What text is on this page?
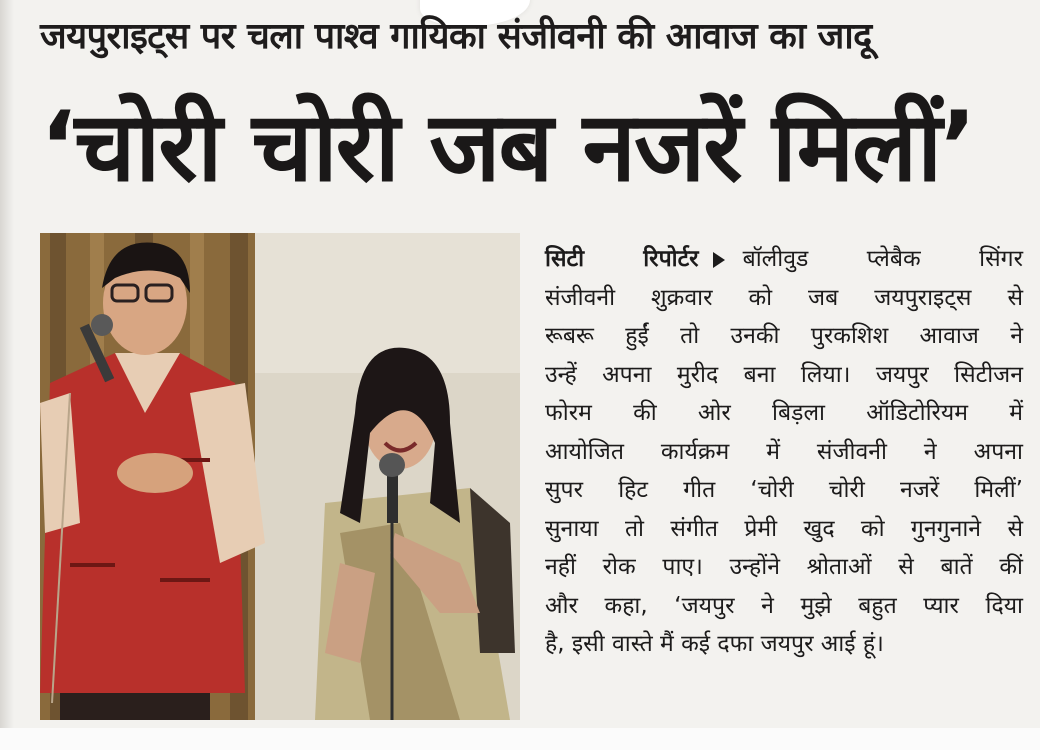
जयपुराइट्स पर चला पाश्व गायिका संजीवनी की आवाज का जादू
‘चोरी चोरी जब नजरें मिलीं’
सिटी रिपोर्टर बॉलीवुड प्लेबैक सिंगर
संजीवनी शुक्रवार को जब जयपुराइट्स से
रूबरू हुईं तो उनकी पुरकशिश आवाज ने
उन्हें अपना मुरीद बना लिया। जयपुर सिटीजन
फोरम की ओर बिड़ला ऑडिटोरियम में
आयोजित कार्यक्रम में संजीवनी ने अपना
सुपर हिट गीत ‘चोरी चोरी नजरें मिलीं’
सुनाया तो संगीत प्रेमी खुद को गुनगुनाने से
नहीं रोक पाए। उन्होंने श्रोताओं से बातें कीं
और कहा, ‘जयपुर ने मुझे बहुत प्यार दिया
है, इसी वास्ते मैं कई दफा जयपुर आई हूं।
